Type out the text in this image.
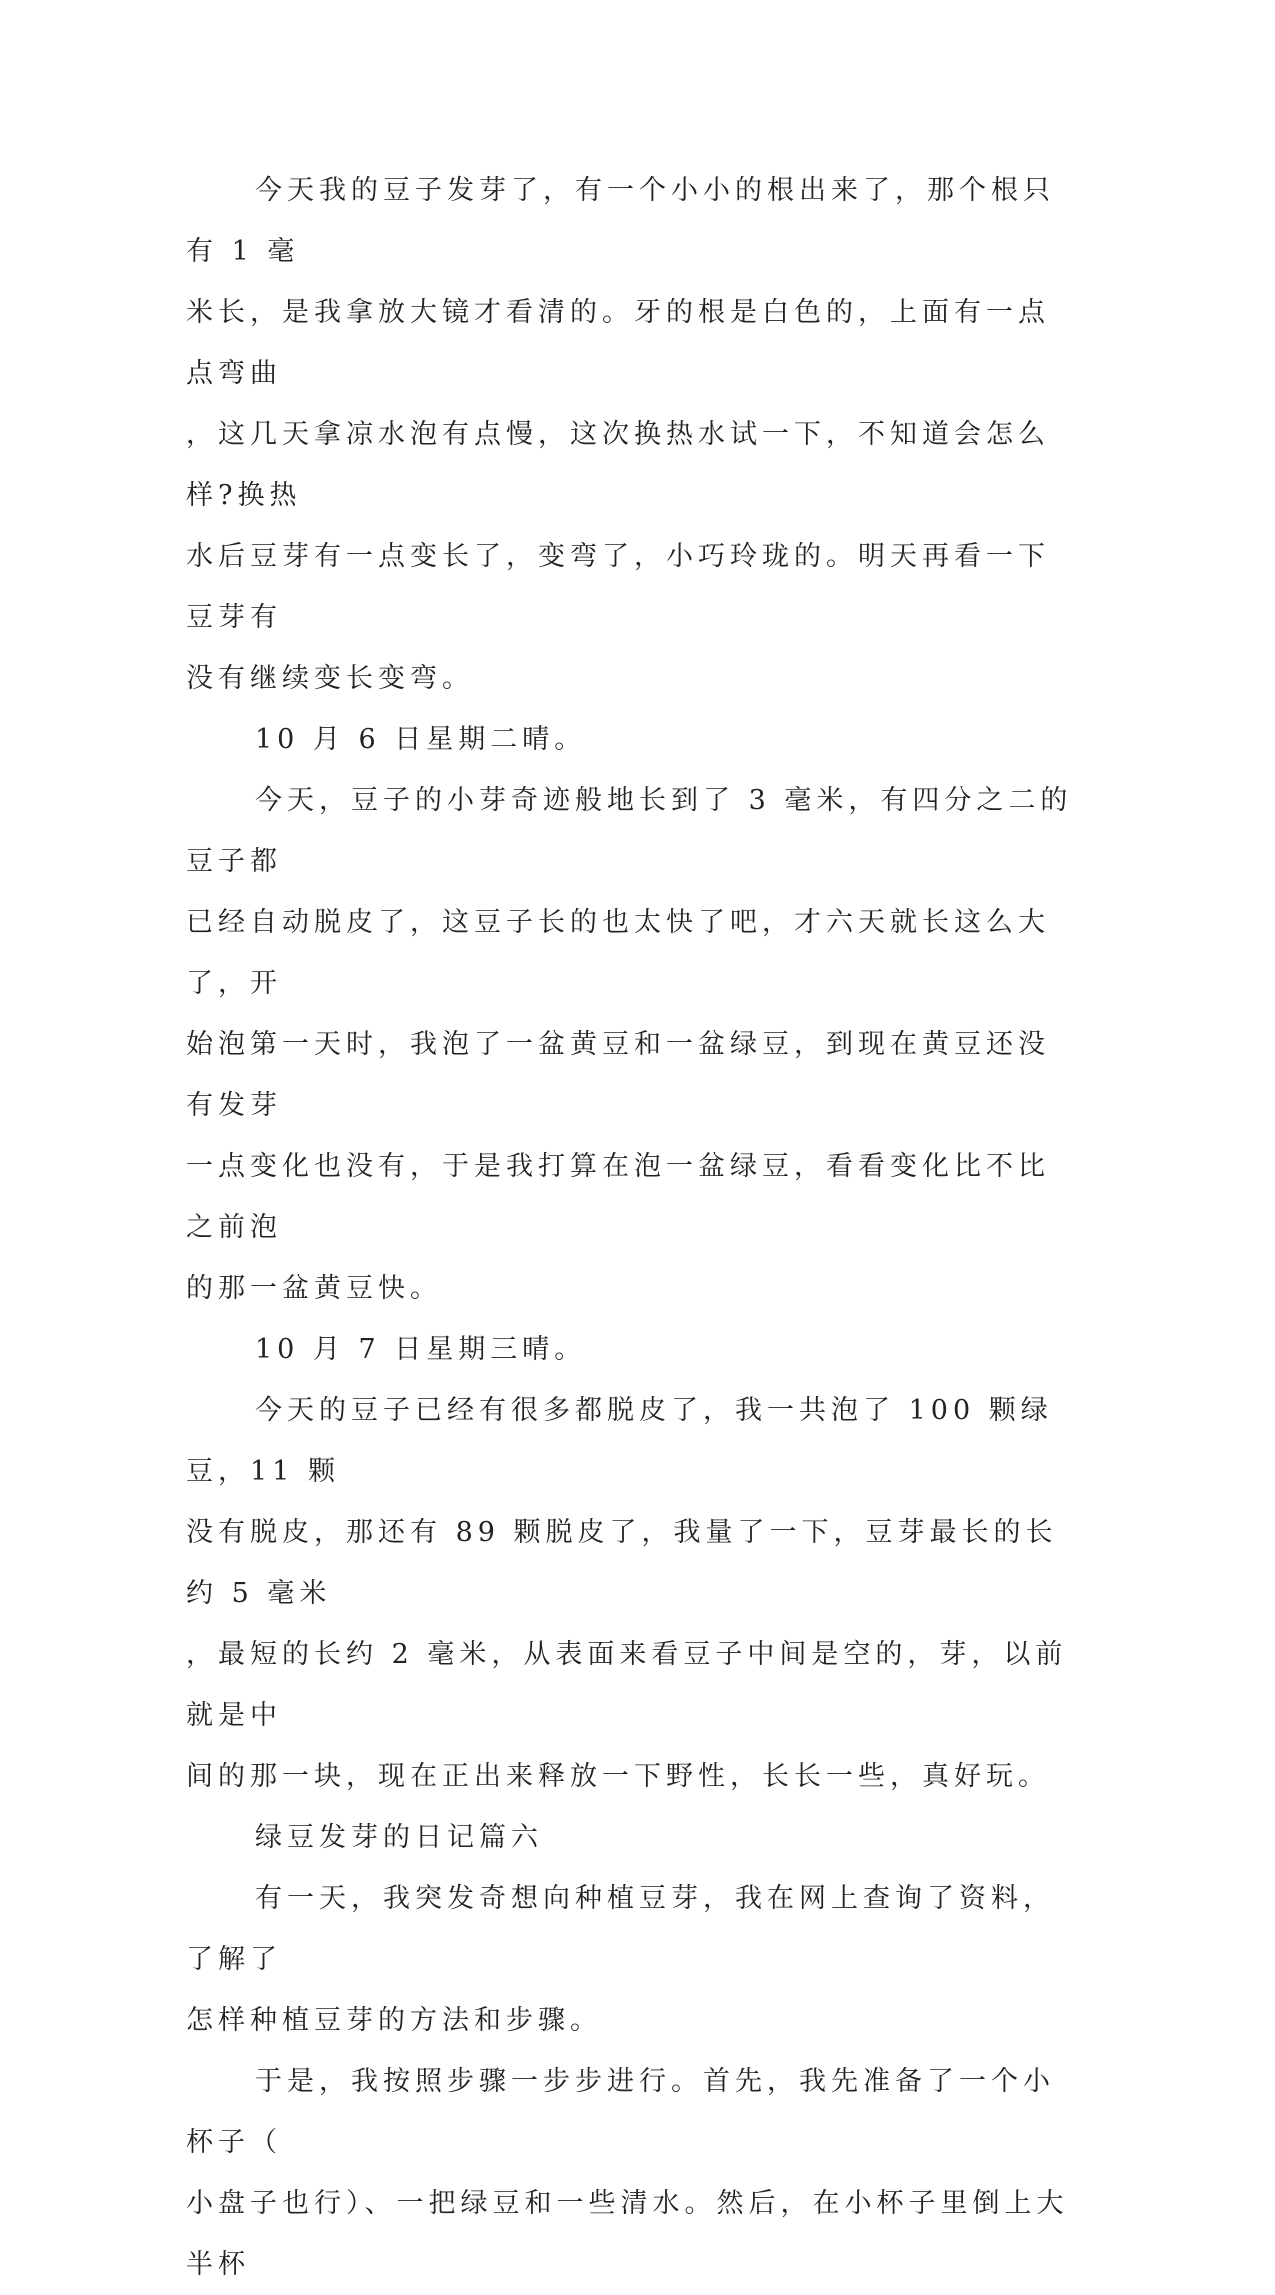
今天我的豆子发芽了，有一个小小的根出来了，那个根只有 1 毫
米长，是我拿放大镜才看清的。牙的根是白色的，上面有一点点弯曲
，这几天拿凉水泡有点慢，这次换热水试一下，不知道会怎么样?换热
水后豆芽有一点变长了，变弯了，小巧玲珑的。明天再看一下豆芽有
没有继续变长变弯。

10 月 6 日星期二晴。

今天，豆子的小芽奇迹般地长到了 3 毫米，有四分之二的豆子都
已经自动脱皮了，这豆子长的也太快了吧，才六天就长这么大了，开
始泡第一天时，我泡了一盆黄豆和一盆绿豆，到现在黄豆还没有发芽
一点变化也没有，于是我打算在泡一盆绿豆，看看变化比不比之前泡
的那一盆黄豆快。

10 月 7 日星期三晴。

今天的豆子已经有很多都脱皮了，我一共泡了 100 颗绿豆，11 颗
没有脱皮，那还有 89 颗脱皮了，我量了一下，豆芽最长的长约 5 毫米
，最短的长约 2 毫米，从表面来看豆子中间是空的，芽，以前就是中
间的那一块，现在正出来释放一下野性，长长一些，真好玩。

绿豆发芽的日记篇六

有一天，我突发奇想向种植豆芽，我在网上查询了资料，了解了
怎样种植豆芽的方法和步骤。

于是，我按照步骤一步步进行。首先，我先准备了一个小杯子（
小盘子也行）、一把绿豆和一些清水。然后，在小杯子里倒上大半杯
